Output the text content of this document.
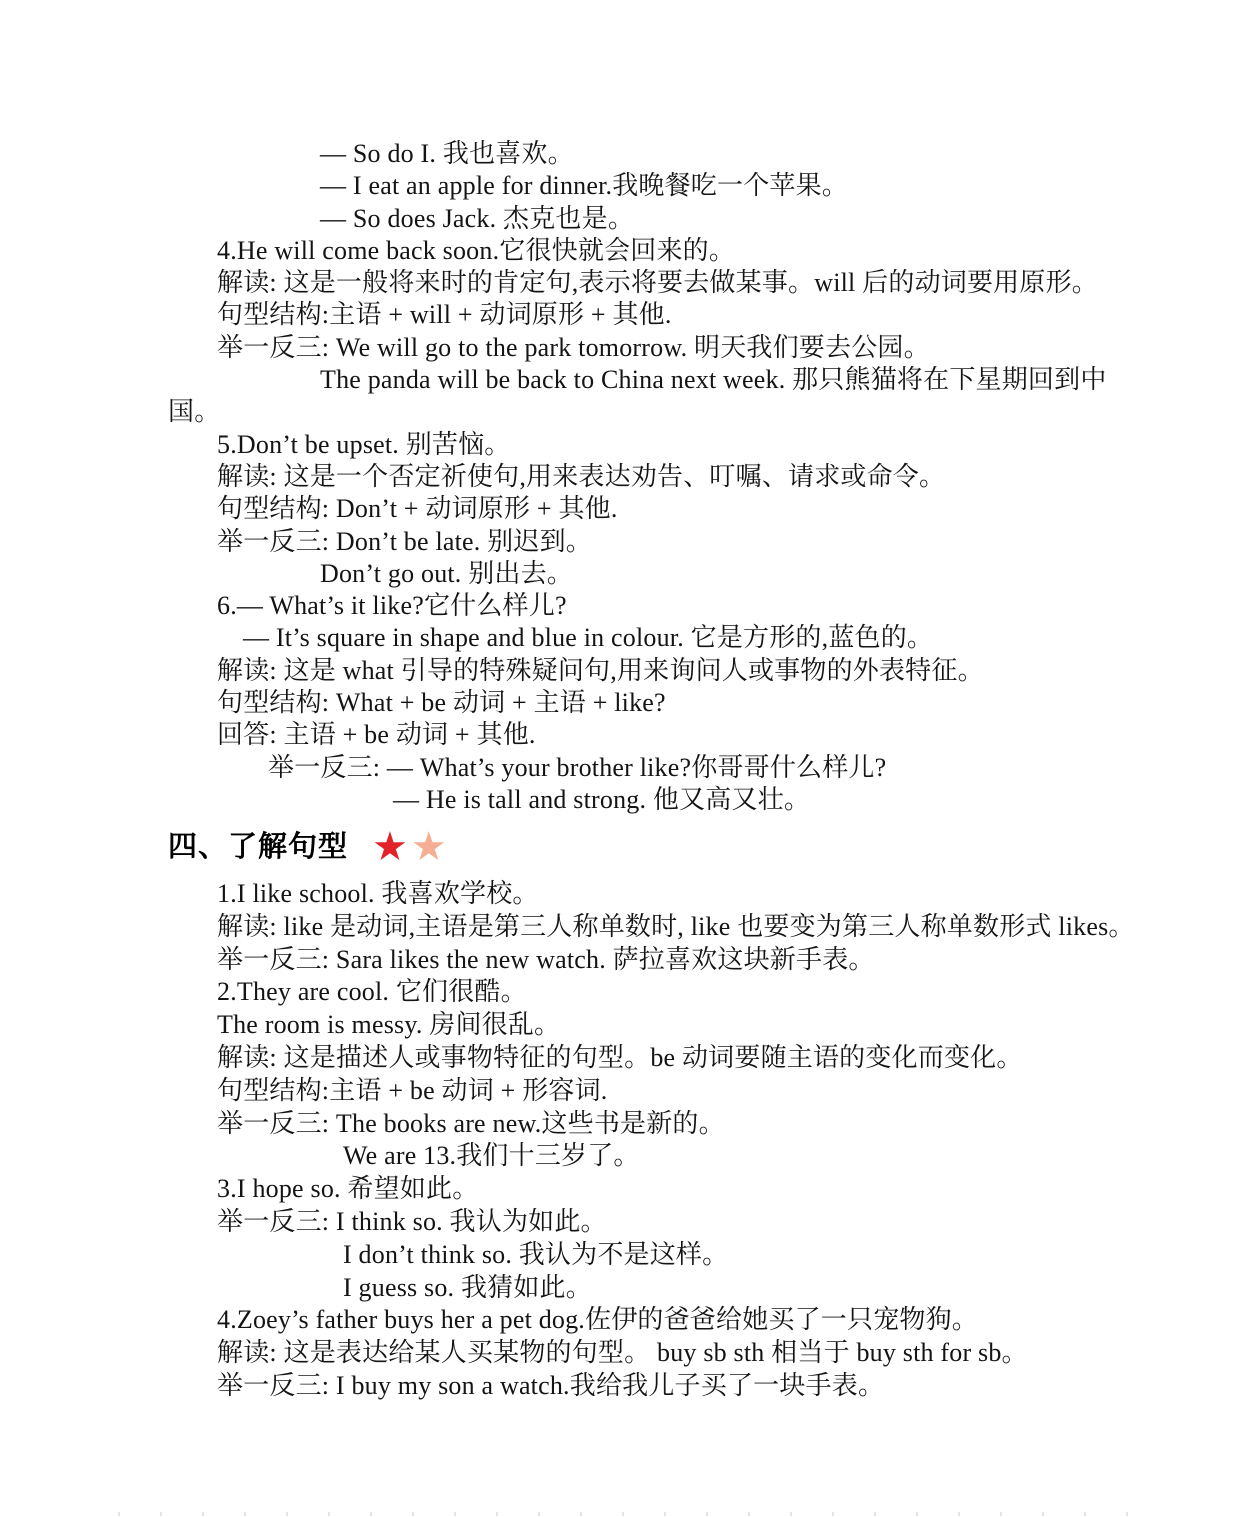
— So do I. 我也喜欢。
— I eat an apple for dinner.我晚餐吃一个苹果。
— So does Jack. 杰克也是。
4.He will come back soon.它很快就会回来的。
解读: 这是一般将来时的肯定句,表示将要去做某事。will 后的动词要用原形。
句型结构:主语 + will + 动词原形 + 其他.
举一反三: We will go to the park tomorrow. 明天我们要去公园。
The panda will be back to China next week. 那只熊猫将在下星期回到中
国。
5.Don’t be upset. 别苦恼。
解读: 这是一个否定祈使句,用来表达劝告、叮嘱、请求或命令。
句型结构: Don’t + 动词原形 + 其他.
举一反三: Don’t be late. 别迟到。
Don’t go out. 别出去。
6.— What’s it like?它什么样儿?
— It’s square in shape and blue in colour. 它是方形的,蓝色的。
解读: 这是 what 引导的特殊疑问句,用来询问人或事物的外表特征。
句型结构: What + be 动词 + 主语 + like?
回答: 主语 + be 动词 + 其他.
举一反三: — What’s your brother like?你哥哥什么样儿?
— He is tall and strong. 他又高又壮。
四、了解句型 ★ ★
1.I like school. 我喜欢学校。
解读: like 是动词,主语是第三人称单数时, like 也要变为第三人称单数形式 likes。
举一反三: Sara likes the new watch. 萨拉喜欢这块新手表。
2.They are cool. 它们很酷。
The room is messy. 房间很乱。
解读: 这是描述人或事物特征的句型。be 动词要随主语的变化而变化。
句型结构:主语 + be 动词 + 形容词.
举一反三: The books are new.这些书是新的。
We are 13.我们十三岁了。
3.I hope so. 希望如此。
举一反三: I think so. 我认为如此。
I don’t think so. 我认为不是这样。
I guess so. 我猜如此。
4.Zoey’s father buys her a pet dog.佐伊的爸爸给她买了一只宠物狗。
解读: 这是表达给某人买某物的句型。 buy sb sth 相当于 buy sth for sb。
举一反三: I buy my son a watch.我给我儿子买了一块手表。
